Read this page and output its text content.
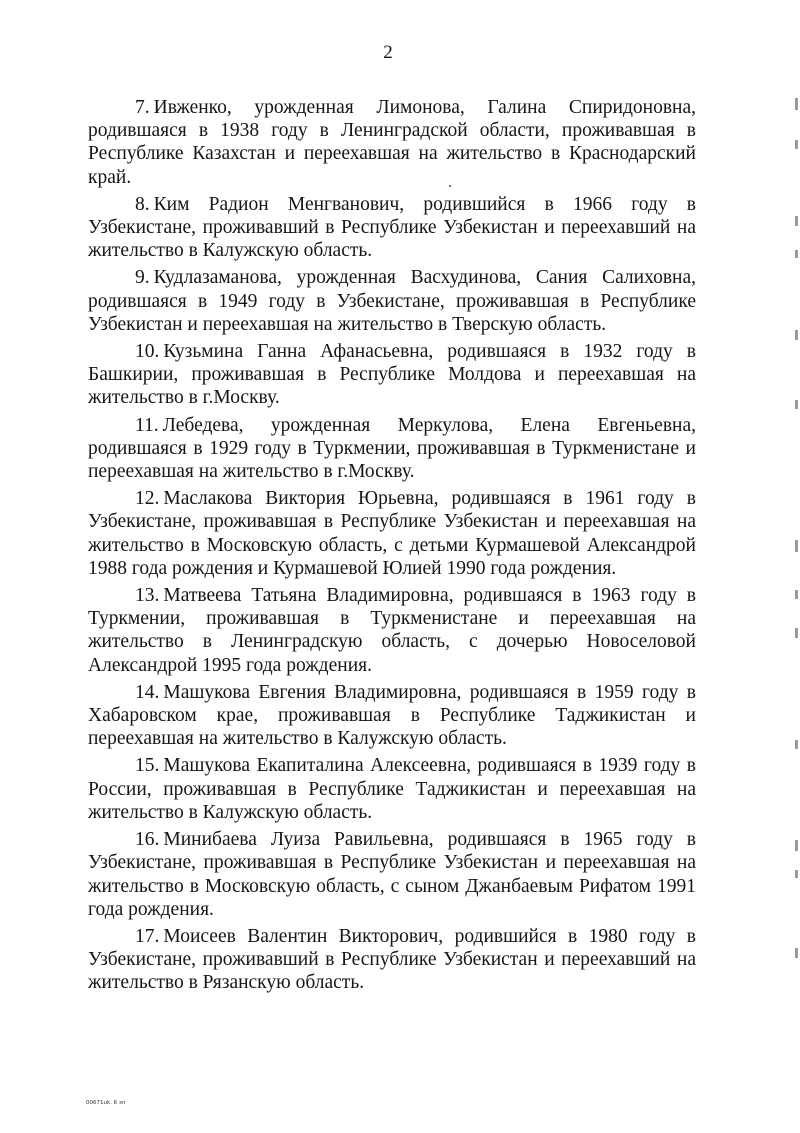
2

7. Ивженко, урожденная Лимонова, Галина Спиридоновна, родившаяся в 1938 году в Ленинградской области, проживавшая в Республике Казахстан и переехавшая на жительство в Краснодарский край.

8. Ким Радион Менгванович, родившийся в 1966 году в Узбекистане, проживавший в Республике Узбекистан и переехавший на жительство в Калужскую область.

9. Кудлазаманова, урожденная Васхудинова, Сания Салиховна, родившаяся в 1949 году в Узбекистане, проживавшая в Республике Узбекистан и переехавшая на жительство в Тверскую область.

10. Кузьмина Ганна Афанасьевна, родившаяся в 1932 году в Башкирии, проживавшая в Республике Молдова и переехавшая на жительство в г.Москву.

11. Лебедева, урожденная Меркулова, Елена Евгеньевна, родившаяся в 1929 году в Туркмении, проживавшая в Туркменистане и переехавшая на жительство в г.Москву.

12. Маслакова Виктория Юрьевна, родившаяся в 1961 году в Узбекистане, проживавшая в Республике Узбекистан и переехавшая на жительство в Московскую область, с детьми Курмашевой Александрой 1988 года рождения и Курмашевой Юлией 1990 года рождения.

13. Матвеева Татьяна Владимировна, родившаяся в 1963 году в Туркмении, проживавшая в Туркменистане и переехавшая на жительство в Ленинградскую область, с дочерью Новоселовой Александрой 1995 года рождения.

14. Машукова Евгения Владимировна, родившаяся в 1959 году в Хабаровском крае, проживавшая в Республике Таджикистан и переехавшая на жительство в Калужскую область.

15. Машукова Екапиталина Алексеевна, родившаяся в 1939 году в России, проживавшая в Республике Таджикистан и переехавшая на жительство в Калужскую область.

16. Минибаева Луиза Равильевна, родившаяся в 1965 году в Узбекистане, проживавшая в Республике Узбекистан и переехавшая на жительство в Московскую область, с сыном Джанбаевым Рифатом 1991 года рождения.

17. Моисеев Валентин Викторович, родившийся в 1980 году в Узбекистане, проживавший в Республике Узбекистан и переехавший на жительство в Рязанскую область.

00671uk. 6 зп
